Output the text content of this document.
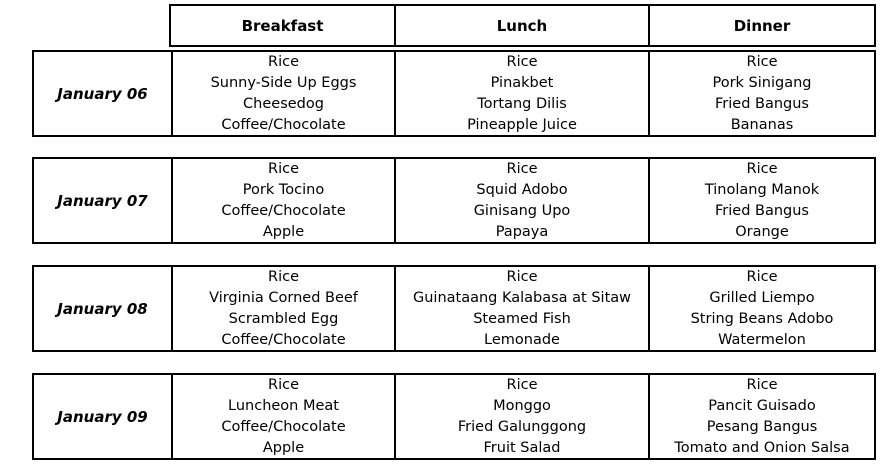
Breakfast	Lunch	Dinner
January 06
Rice
Sunny-Side Up Eggs
Cheesedog
Coffee/Chocolate
Rice
Pinakbet
Tortang Dilis
Pineapple Juice
Rice
Pork Sinigang
Fried Bangus
Bananas
January 07
Rice
Pork Tocino
Coffee/Chocolate
Apple
Rice
Squid Adobo
Ginisang Upo
Papaya
Rice
Tinolang Manok
Fried Bangus
Orange
January 08
Rice
Virginia Corned Beef
Scrambled Egg
Coffee/Chocolate
Rice
Guinataang Kalabasa at Sitaw
Steamed Fish
Lemonade
Rice
Grilled Liempo
String Beans Adobo
Watermelon
January 09
Rice
Luncheon Meat
Coffee/Chocolate
Apple
Rice
Monggo
Fried Galunggong
Fruit Salad
Rice
Pancit Guisado
Pesang Bangus
Tomato and Onion Salsa
